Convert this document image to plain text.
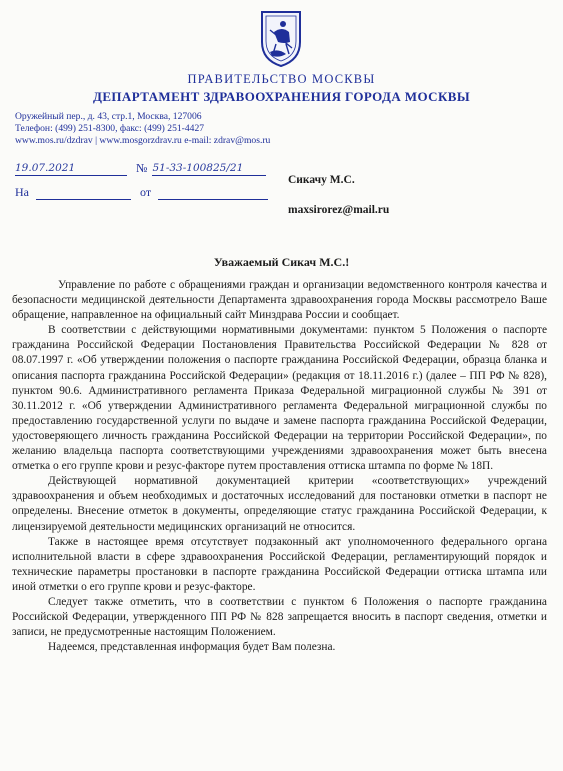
ПРАВИТЕЛЬСТВО МОСКВЫ
ДЕПАРТАМЕНТ ЗДРАВООХРАНЕНИЯ ГОРОДА МОСКВЫ
Оружейный пер., д. 43, стр.1, Москва, 127006
Телефон: (499) 251-8300, факс: (499) 251-4427
www.mos.ru/dzdrav | www.mosgorzdrav.ru e-mail: zdrav@mos.ru
19.07.2021	№ 51-33-100825/21
На	от
Сикачу М.С.
maxsirorez@mail.ru
Уважаемый Сикач М.С.!

Управление по работе с обращениями граждан и организации ведомственного контроля качества и безопасности медицинской деятельности Департамента здравоохранения города Москвы рассмотрело Ваше обращение, направленное на официальный сайт Минздрава России и сообщает.

В соответствии с действующими нормативными документами: пунктом 5 Положения о паспорте гражданина Российской Федерации Постановления Правительства Российской Федерации № 828 от 08.07.1997 г. «Об утверждении положения о паспорте гражданина Российской Федерации, образца бланка и описания паспорта гражданина Российской Федерации» (редакция от 18.11.2016 г.) (далее – ПП РФ № 828), пунктом 90.6. Административного регламента Приказа Федеральной миграционной службы № 391 от 30.11.2012 г. «Об утверждении Административного регламента Федеральной миграционной службы по предоставлению государственной услуги по выдаче и замене паспорта гражданина Российской Федерации, удостоверяющего личность гражданина Российской Федерации на территории Российской Федерации», по желанию владельца паспорта соответствующими учреждениями здравоохранения может быть внесена отметка о его группе крови и резус-факторе путем проставления оттиска штампа по форме № 18П.

Действующей нормативной документацией критерии «соответствующих» учреждений здравоохранения и объем необходимых и достаточных исследований для постановки отметки в паспорт не определены. Внесение отметок в документы, определяющие статус гражданина Российской Федерации, к лицензируемой деятельности медицинских организаций не относится.

Также в настоящее время отсутствует подзаконный акт уполномоченного федерального органа исполнительной власти в сфере здравоохранения Российской Федерации, регламентирующий порядок и технические параметры простановки в паспорте гражданина Российской Федерации оттиска штампа или иной отметки о его группе крови и резус-факторе.

Следует также отметить, что в соответствии с пунктом 6 Положения о паспорте гражданина Российской Федерации, утвержденного ПП РФ № 828 запрещается вносить в паспорт сведения, отметки и записи, не предусмотренные настоящим Положением.

Надеемся, представленная информация будет Вам полезна.
